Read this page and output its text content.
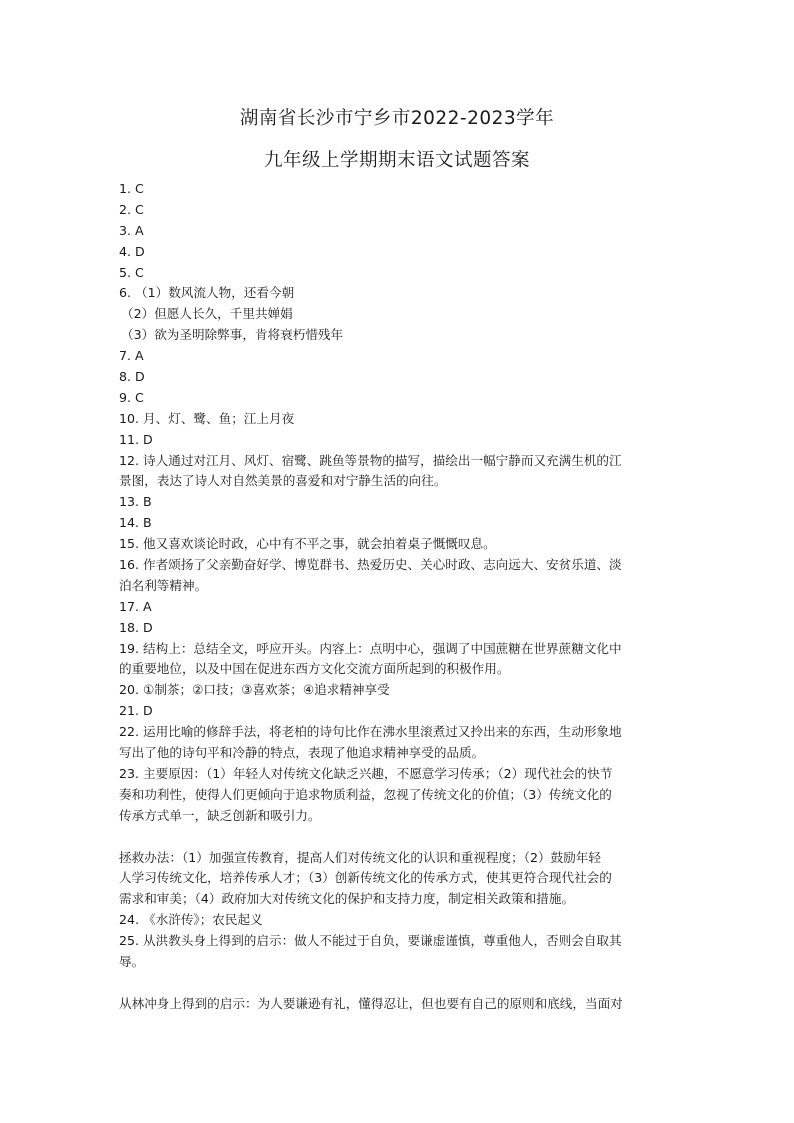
湖南省长沙市宁乡市2022-2023学年
九年级上学期期末语文试题答案
1. C
2. C
3. A
4. D
5. C
6. （1）数风流人物，还看今朝
（2）但愿人长久，千里共婵娟
（3）欲为圣明除弊事，肯将衰朽惜残年
7. A
8. D
9. C
10. 月、灯、鹭、鱼；江上月夜
11. D
12. 诗人通过对江月、风灯、宿鹭、跳鱼等景物的描写，描绘出一幅宁静而又充满生机的江
景图，表达了诗人对自然美景的喜爱和对宁静生活的向往。
13. B
14. B
15. 他又喜欢谈论时政，心中有不平之事，就会拍着桌子慨慨叹息。
16. 作者颂扬了父亲勤奋好学、博览群书、热爱历史、关心时政、志向远大、安贫乐道、淡
泊名利等精神。
17. A
18. D
19. 结构上：总结全文，呼应开头。内容上：点明中心，强调了中国蔗糖在世界蔗糖文化中
的重要地位，以及中国在促进东西方文化交流方面所起到的积极作用。
20. ①制茶；②口技；③喜欢茶；④追求精神享受
21. D
22. 运用比喻的修辞手法，将老柏的诗句比作在沸水里滚煮过又拎出来的东西，生动形象地
写出了他的诗句平和冷静的特点，表现了他追求精神享受的品质。
23. 主要原因：（1）年轻人对传统文化缺乏兴趣，不愿意学习传承；（2）现代社会的快节
奏和功利性，使得人们更倾向于追求物质利益，忽视了传统文化的价值；（3）传统文化的
传承方式单一，缺乏创新和吸引力。
拯救办法：（1）加强宣传教育，提高人们对传统文化的认识和重视程度；（2）鼓励年轻
人学习传统文化，培养传承人才；（3）创新传统文化的传承方式，使其更符合现代社会的
需求和审美；（4）政府加大对传统文化的保护和支持力度，制定相关政策和措施。
24. 《水浒传》；农民起义
25. 从洪教头身上得到的启示：做人不能过于自负，要谦虚谨慎，尊重他人，否则会自取其
辱。
从林冲身上得到的启示：为人要谦逊有礼，懂得忍让，但也要有自己的原则和底线，当面对
